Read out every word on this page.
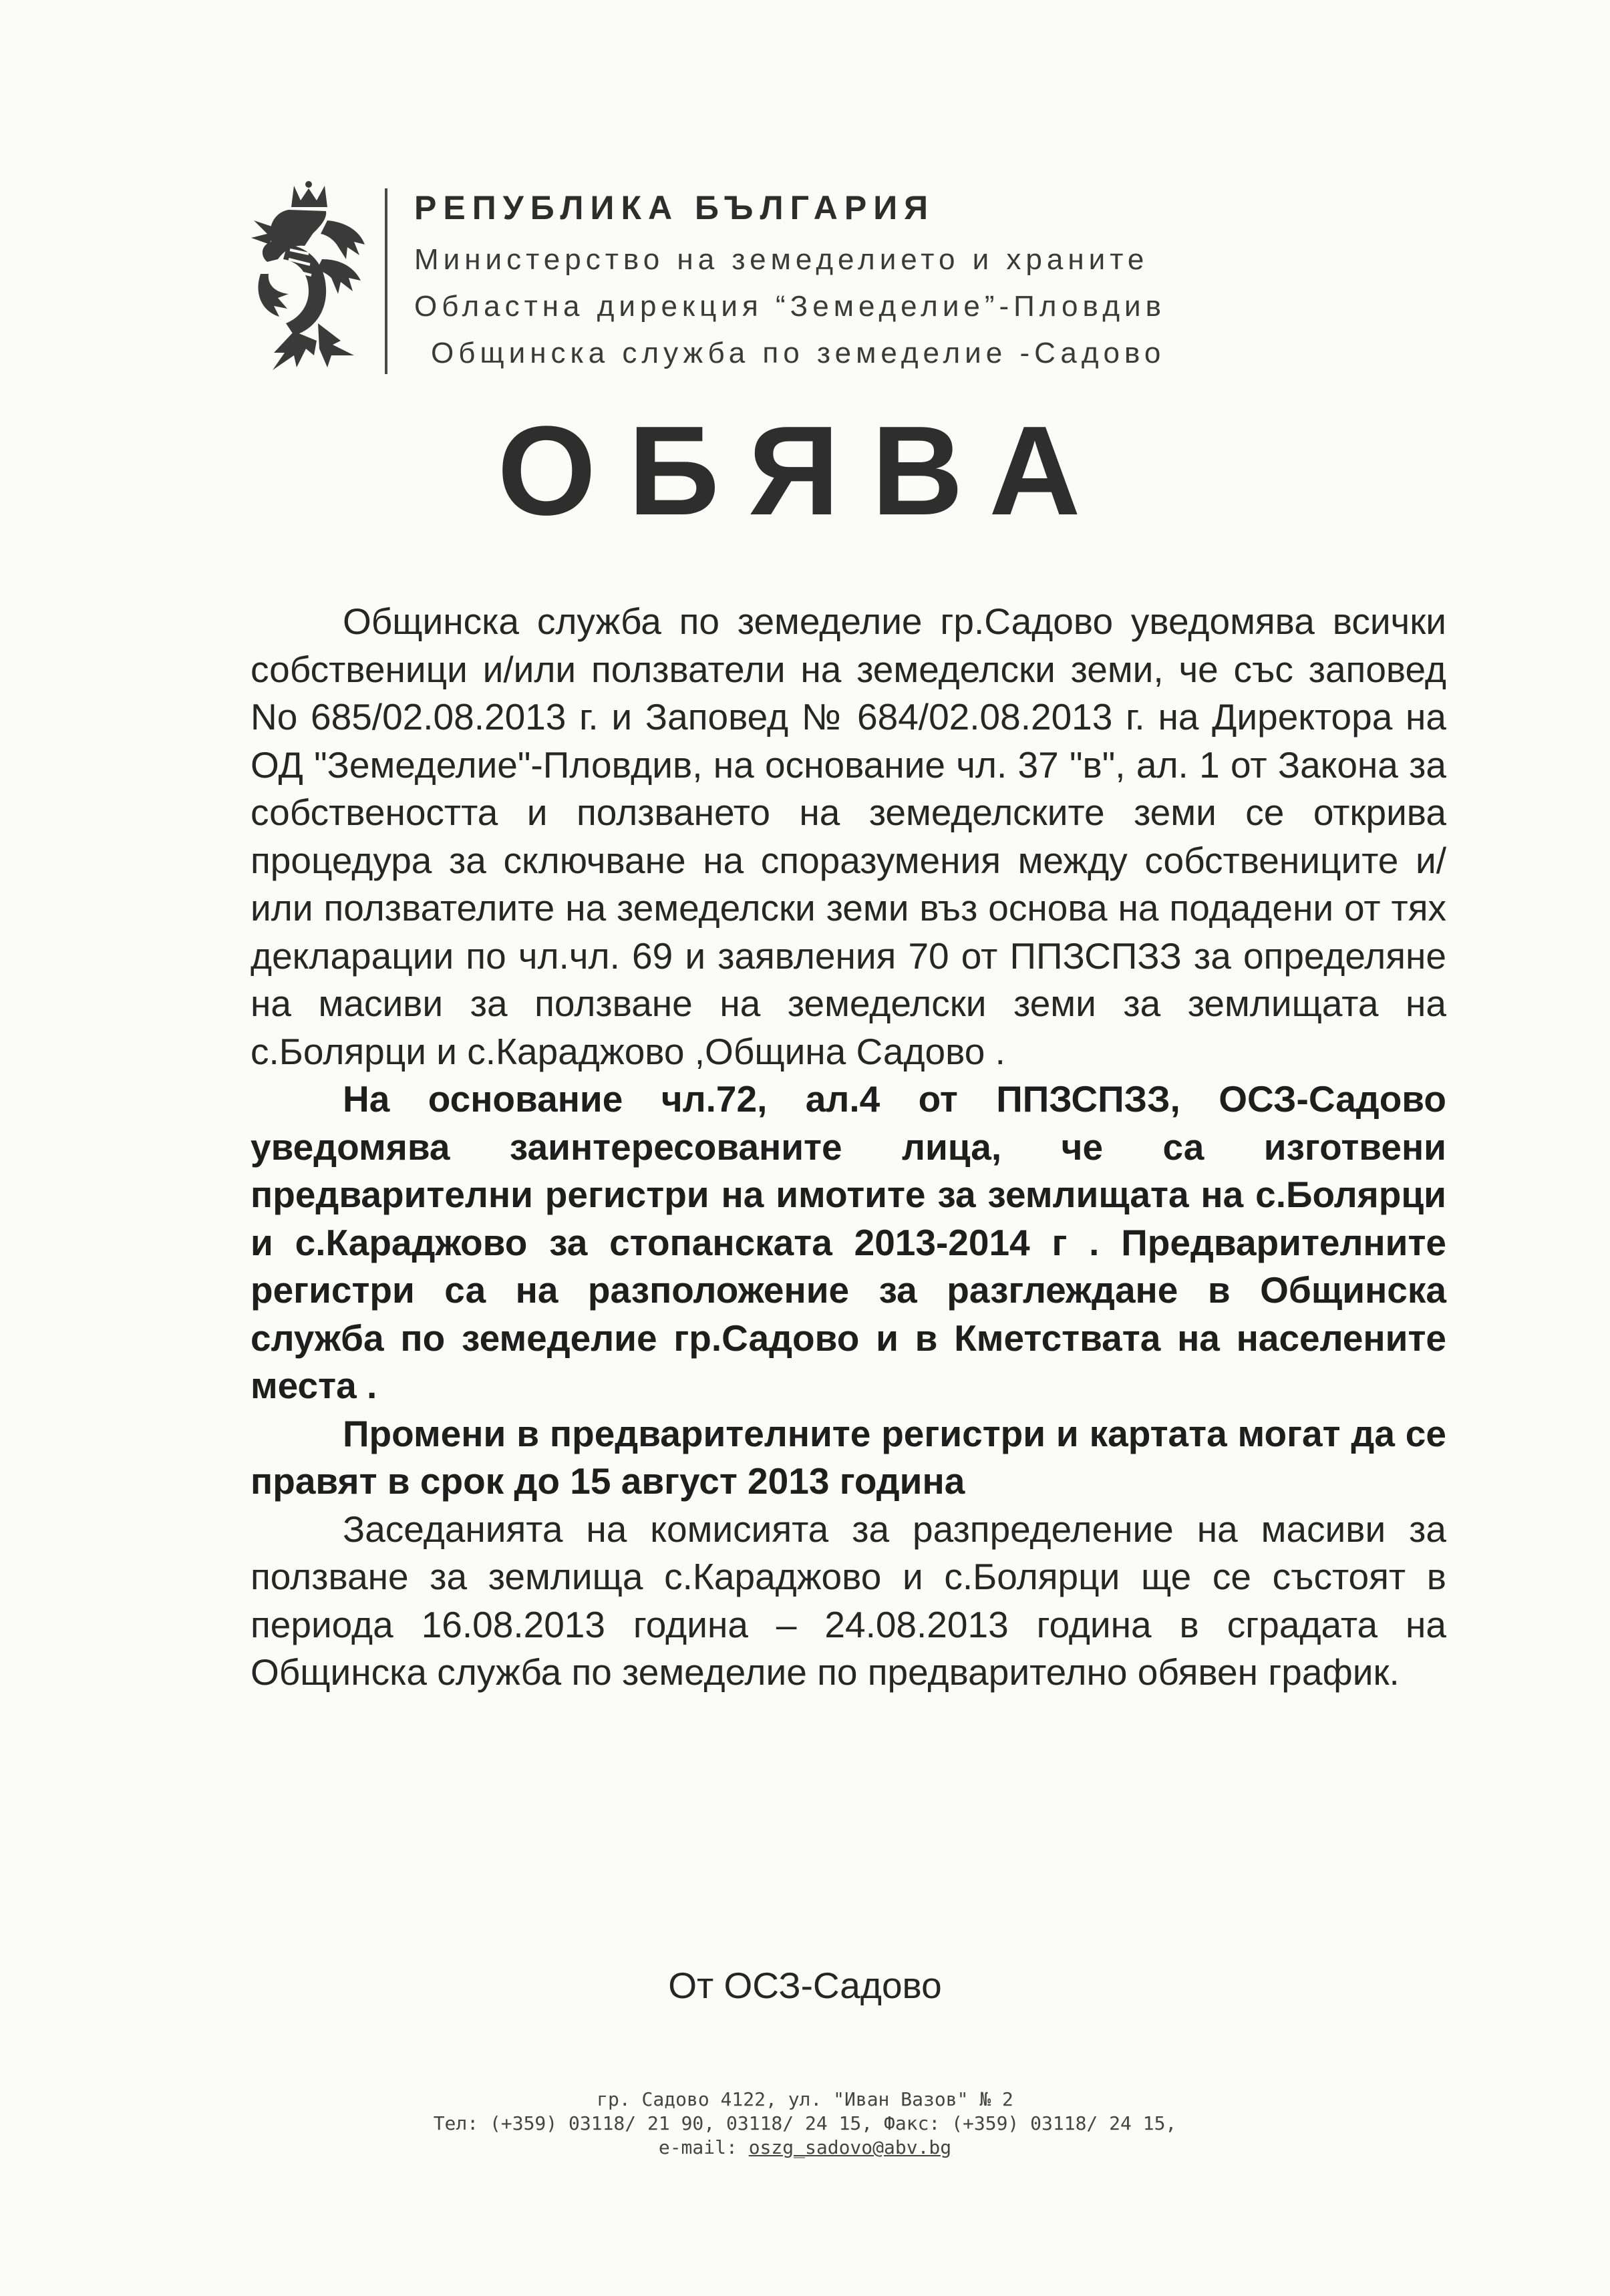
РЕПУБЛИКА БЪЛГАРИЯ
Министерство на земеделието и храните
Областна дирекция “Земеделие”-Пловдив
Общинска служба по земеделие -Садово
ОБЯВА

Общинска служба по земеделие гр.Садово уведомява всички собственици и/или ползватели на земеделски земи, че със заповед No 685/02.08.2013 г. и Заповед № 684/02.08.2013 г. на Директора на ОД "Земеделие"-Пловдив, на основание чл. 37 "в", ал. 1 от Закона за собствеността и ползването на земеделските земи се открива процедура за сключване на споразумения между собствениците и/или ползвателите на земеделски земи въз основа на подадени от тях декларации по чл.чл. 69 и заявления 70 от ППЗСПЗЗ за определяне на масиви за ползване на земеделски земи за землищата на с.Болярци и с.Караджово ,Община Садово .

На основание чл.72, ал.4 от ППЗСПЗЗ, ОСЗ-Садово уведомява заинтересованите лица, че са изготвени предварителни регистри на имотите за землищата на с.Болярци и с.Караджово за стопанската 2013-2014 г . Предварителните регистри са на разположение за разглеждане в Общинска служба по земеделие гр.Садово и в Кметствата на населените места .

Промени в предварителните регистри и картата могат да се правят в срок до 15 август 2013 година

Заседанията на комисията за разпределение на масиви за ползване за землища с.Караджово и с.Болярци ще се състоят в периода 16.08.2013 година – 24.08.2013 година в сградата на Общинска служба по земеделие по предварително обявен график.

От ОСЗ-Садово
гр. Садово 4122, ул. "Иван Вазов" № 2
Тел: (+359) 03118/ 21 90, 03118/ 24 15, Факс: (+359) 03118/ 24 15,
e-mail: oszg_sadovo@abv.bg
